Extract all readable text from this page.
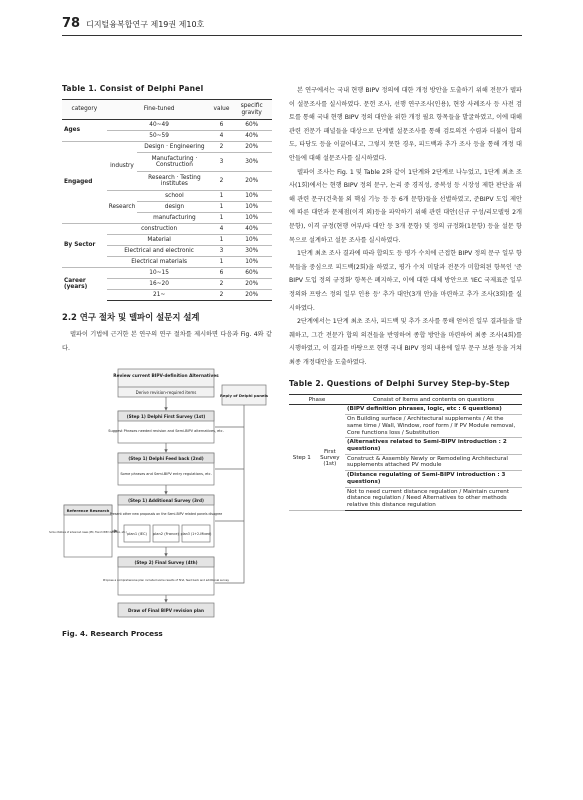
78 디지털융복합연구 제19권 제10호
Table 1. Consist of Delphi Panel
category	Fine-tuned		value	specific gravity
Ages	40~49		6	60%
	50~59		4	40%
Engaged	industry	Design · Engineering	2	20%
		Manufacturing · Construction	3	30%
		Research · Testing institutes	2	20%
	Research	school	1	10%
		design	1	10%
		manufacturing	1	10%
By Sector	construction		4	40%
	Material		1	10%
	Electrical and electronic		3	30%
	Electrical materials		1	10%
Career (years)	10~15		6	60%
	16~20		2	20%
	21~		2	20%
2.2 연구 절차 및 델파이 설문지 설계

델파이 기법에 근거한 본 연구의 연구 절차를 제시하면 다음과 Fig. 4와 같다.

Review current BIPV-definition Alternatives
Derive revision-required items
Reply of Delphi panels
(Step 1) Delphi First Survey (1st)
Suggest Phrases needed revision and Semi-BIPV alternatives, etc.
(Step 1) Delphi Feed back (2nd)
Some phrases and Semi-BIPV entry regulations, etc.
(Step 1) Additional Survey (3rd)
Present other new proposals on the Semi-BIPV related panels disagree
plan1 (IEC) plan2 (France) plan3 (1+2-Mixed)
Reference Research
Some citations of advanced cases (IEC, French BIPV definition, etc.)
(Step 2) Final Survey (4th)
Propose a comprehensive plan included some results of first, feed back and additional survey
Draw of Final BIPV revision plan
Fig. 4. Research Process

본 연구에서는 국내 현행 BIPV 정의에 대한 개정 방안을 도출하기 위해 전문가 델파이 설문조사를 실시하였다. 문헌 조사, 선행 연구조사(인용), 현장 사례조사 등 사전 검토를 통해 국내 현행 BIPV 정의 대안을 위한 개정 필요 항목들을 발굴하였고, 이에 대해 관련 전문가 패널들을 대상으로 단계별 설문조사를 통해 검토의견 수렴과 더불어 합의도, 타당도 등을 이끌어내고, 그렇지 못한 경우, 피드백과 추가 조사 등을 통해 개정 대안들에 대해 설문조사를 실시하였다.

델파이 조사는 Fig. 1 및 Table 2와 같이 1단계와 2단계로 나누었고, 1단계 최초 조사(1회)에서는 현행 BIPV 정의 문구, 논리 중 경직성, 중복성 등 시장성 제한 판단을 위해 관련 문구(건축물 외 핵심 기능 등 등 6개 문항)들을 선별하였고, 준BIPV 도입 제안에 따른 대안과 문제점(이격 외)등을 파악하기 위해 관련 대안(신규 구성/리모델링 2개 문항), 이격 규정(현행 여부/타 대안 등 3개 문항) 및 정의 규정화(1문항) 등을 설문 항목으로 설계하고 설문 조사를 실시하였다.

1단계 최초 조사 결과에 따라 합의도 등 평가 수치에 근접한 BIPV 정의 문구 일부 항목들을 중심으로 피드백(2회)을 하였고, 평가 수치 미달과 전문가 미합의된 항목인 '준BIPV 도입 정의 규정화' 항목은 폐지하고, 이에 대한 대체 방안으로 'IEC 국제표준 일부 정의와 프랑스 정의 일부 인용 등' 추가 대안(3개 안)을 마련하고 추가 조사(3회)를 실시하였다.

2단계에서는 1단계 최초 조사, 피드백 및 추가 조사를 통해 얻어진 일부 결과들을 발췌하고, 그간 전문가 합의 의견들을 반영하여 종합 방안을 마련하여 최종 조사(4회)를 시행하였고, 이 결과를 바탕으로 현행 국내 BIPV 정의 내용에 일부 문구 보완 등을 거쳐 최종 개정대안을 도출하였다.

Table 2. Questions of Delphi Survey Step-by-Step
Phase		Consist of Items and contents on questions
Step 1	First Survey (1st)	(BIPV definition phrases, logic, etc : 6 questions)
		On Building surface / Architectural supplements / At the same time / Wall, Window, roof form / If PV Module removal, Core functions loss / Substitution
		(Alternatives related to Semi-BIPV introduction : 2 questions)
		Construct & Assembly Newly or Remodeling Architectural supplements attached PV module
		(Distance regulating of Semi-BIPV introduction : 3 questions)
		Not to need current distance regulation / Maintain current distance regulation / Need Alternatives to other methods relative this distance regulation
